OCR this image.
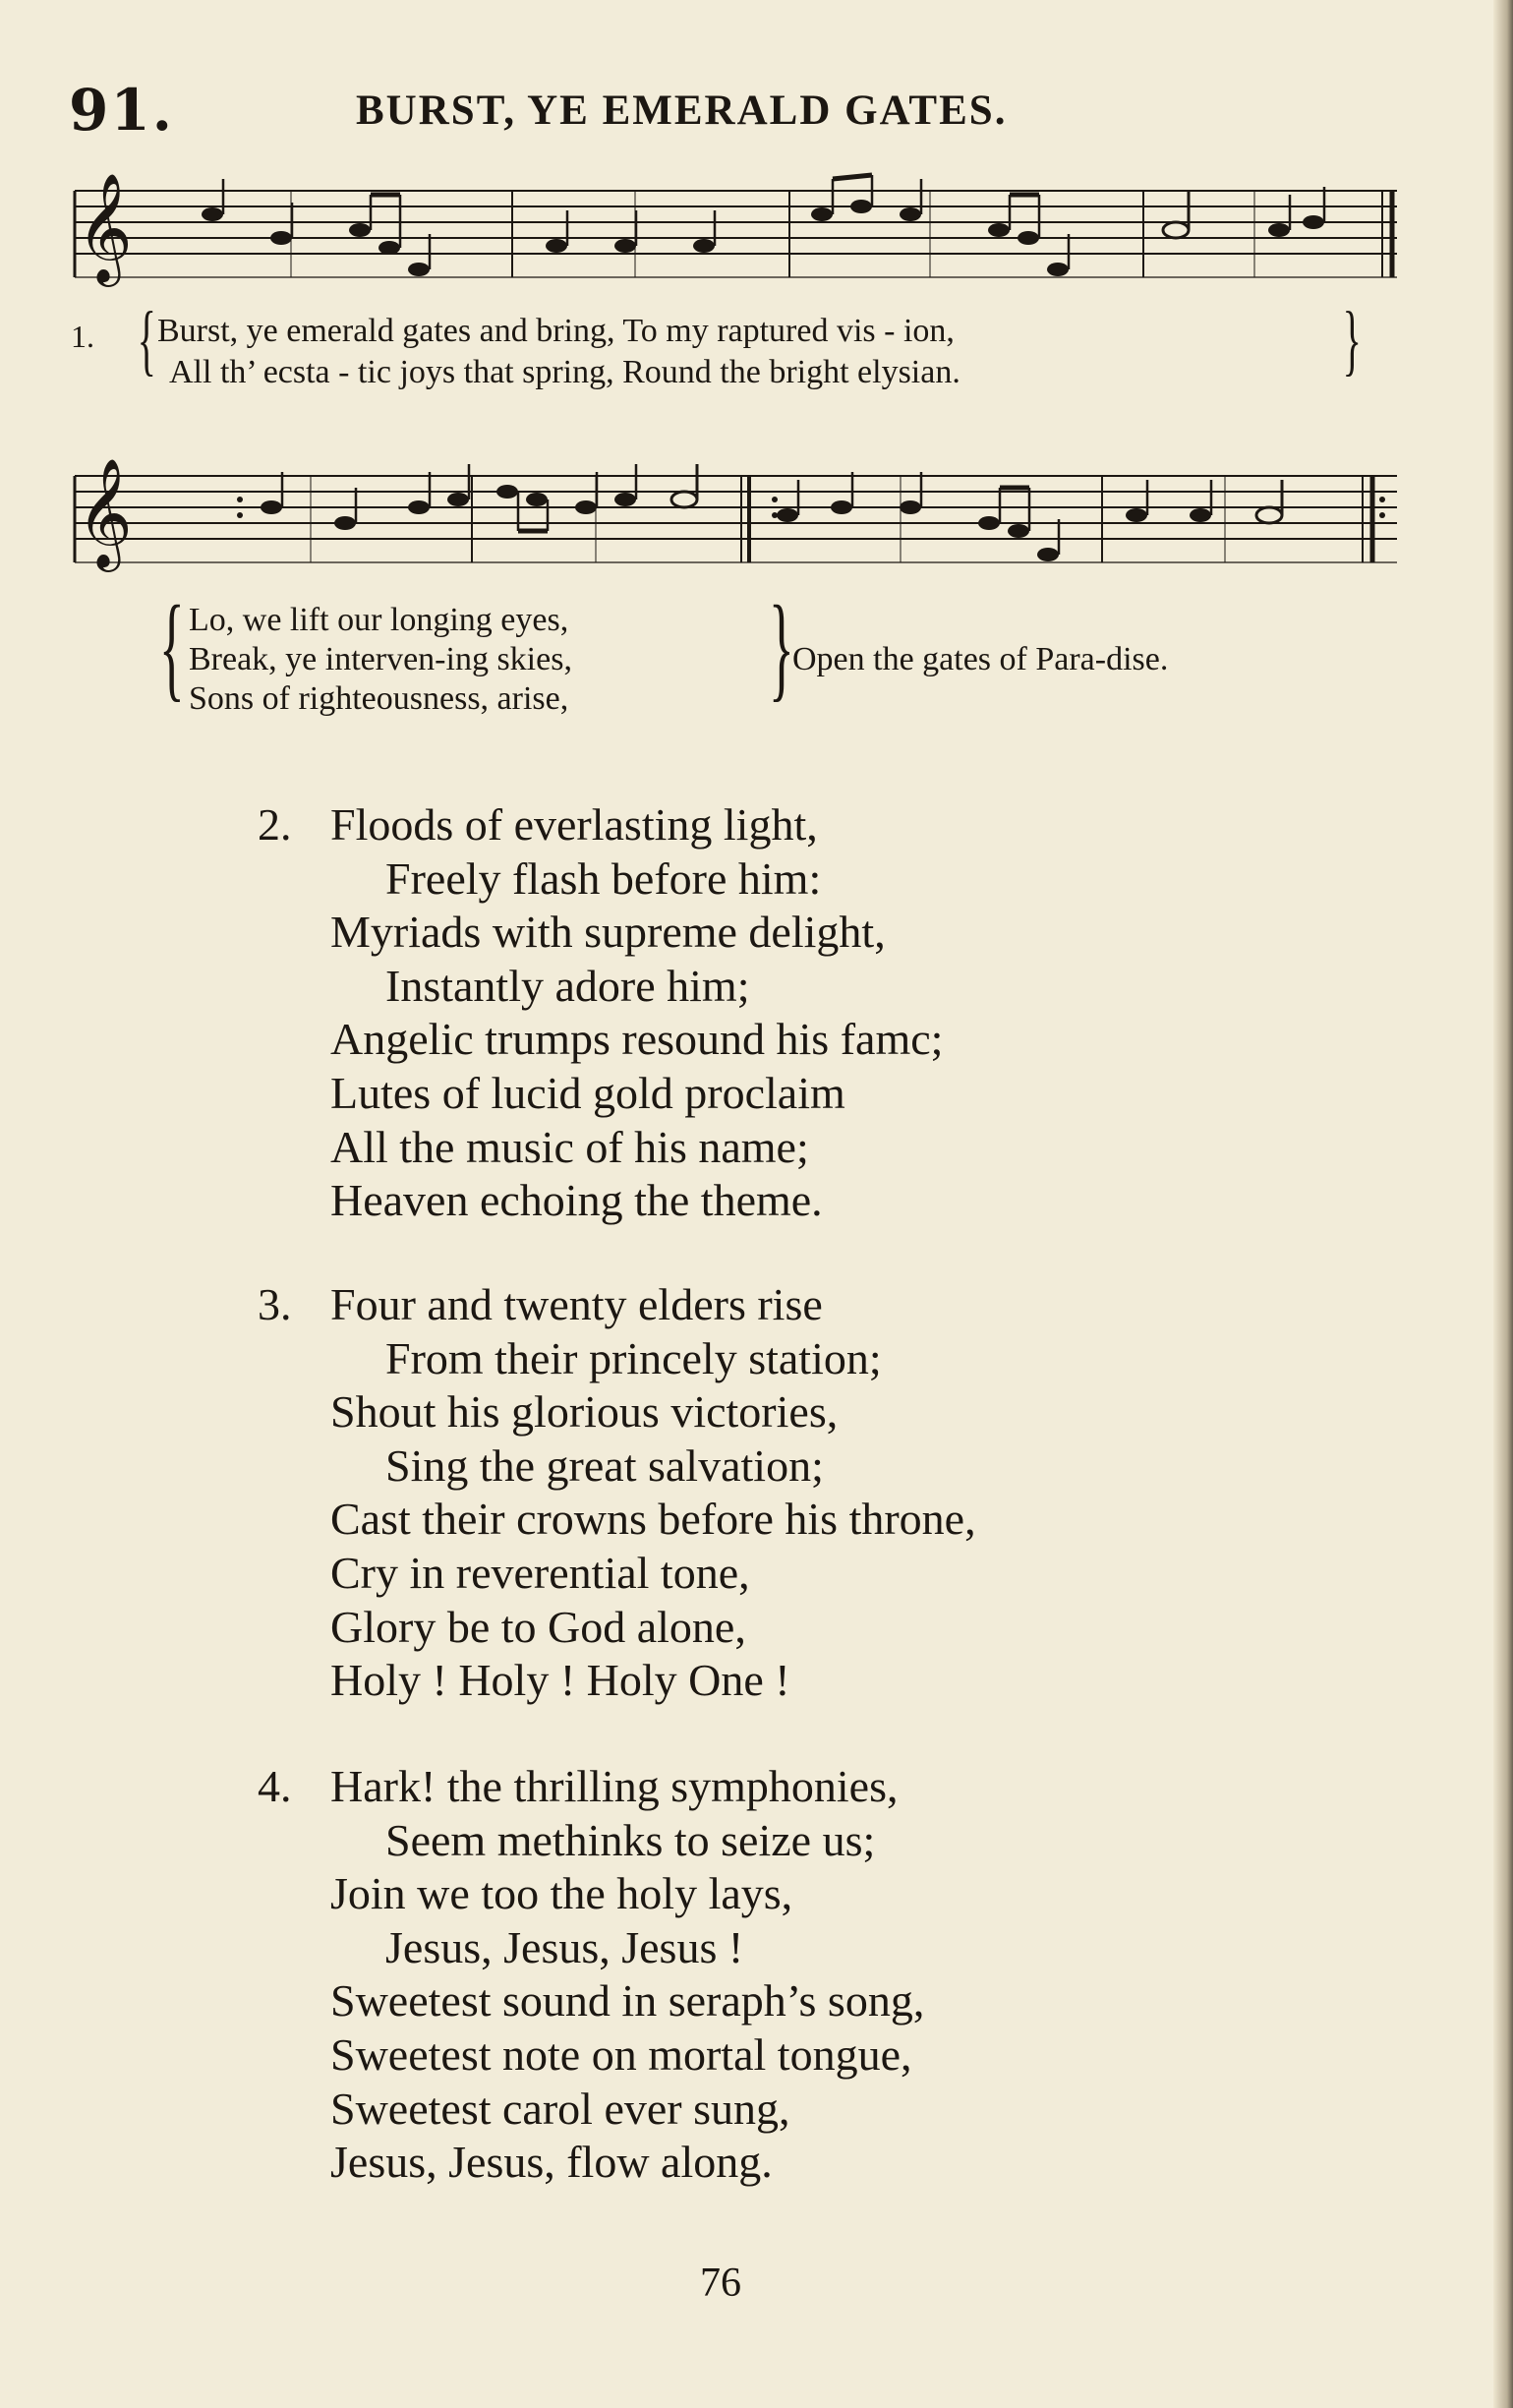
91.	BURST, YE EMERALD GATES.
𝄞
1. { Burst, ye emerald gates and bring, To my raptured vis - ion,
All th’ ecsta - tic joys that spring, Round the bright elysian.	}
𝄞
{ Lo, we lift our longing eyes,
Break, ye interven-ing skies,
Sons of righteousness, arise, }
Open the gates of Para-dise.
2. Floods of everlasting light,
Freely flash before him:
Myriads with supreme delight,
Instantly adore him;
Angelic trumps resound his famc;
Lutes of lucid gold proclaim
All the music of his name;
Heaven echoing the theme.
3. Four and twenty elders rise
From their princely station;
Shout his glorious victories,
Sing the great salvation;
Cast their crowns before his throne,
Cry in reverential tone,
Glory be to God alone,
Holy ! Holy ! Holy One !
4. Hark! the thrilling symphonies,
Seem methinks to seize us;
Join we too the holy lays,
Jesus, Jesus, Jesus !
Sweetest sound in seraph’s song,
Sweetest note on mortal tongue,
Sweetest carol ever sung,
Jesus, Jesus, flow along.
76
